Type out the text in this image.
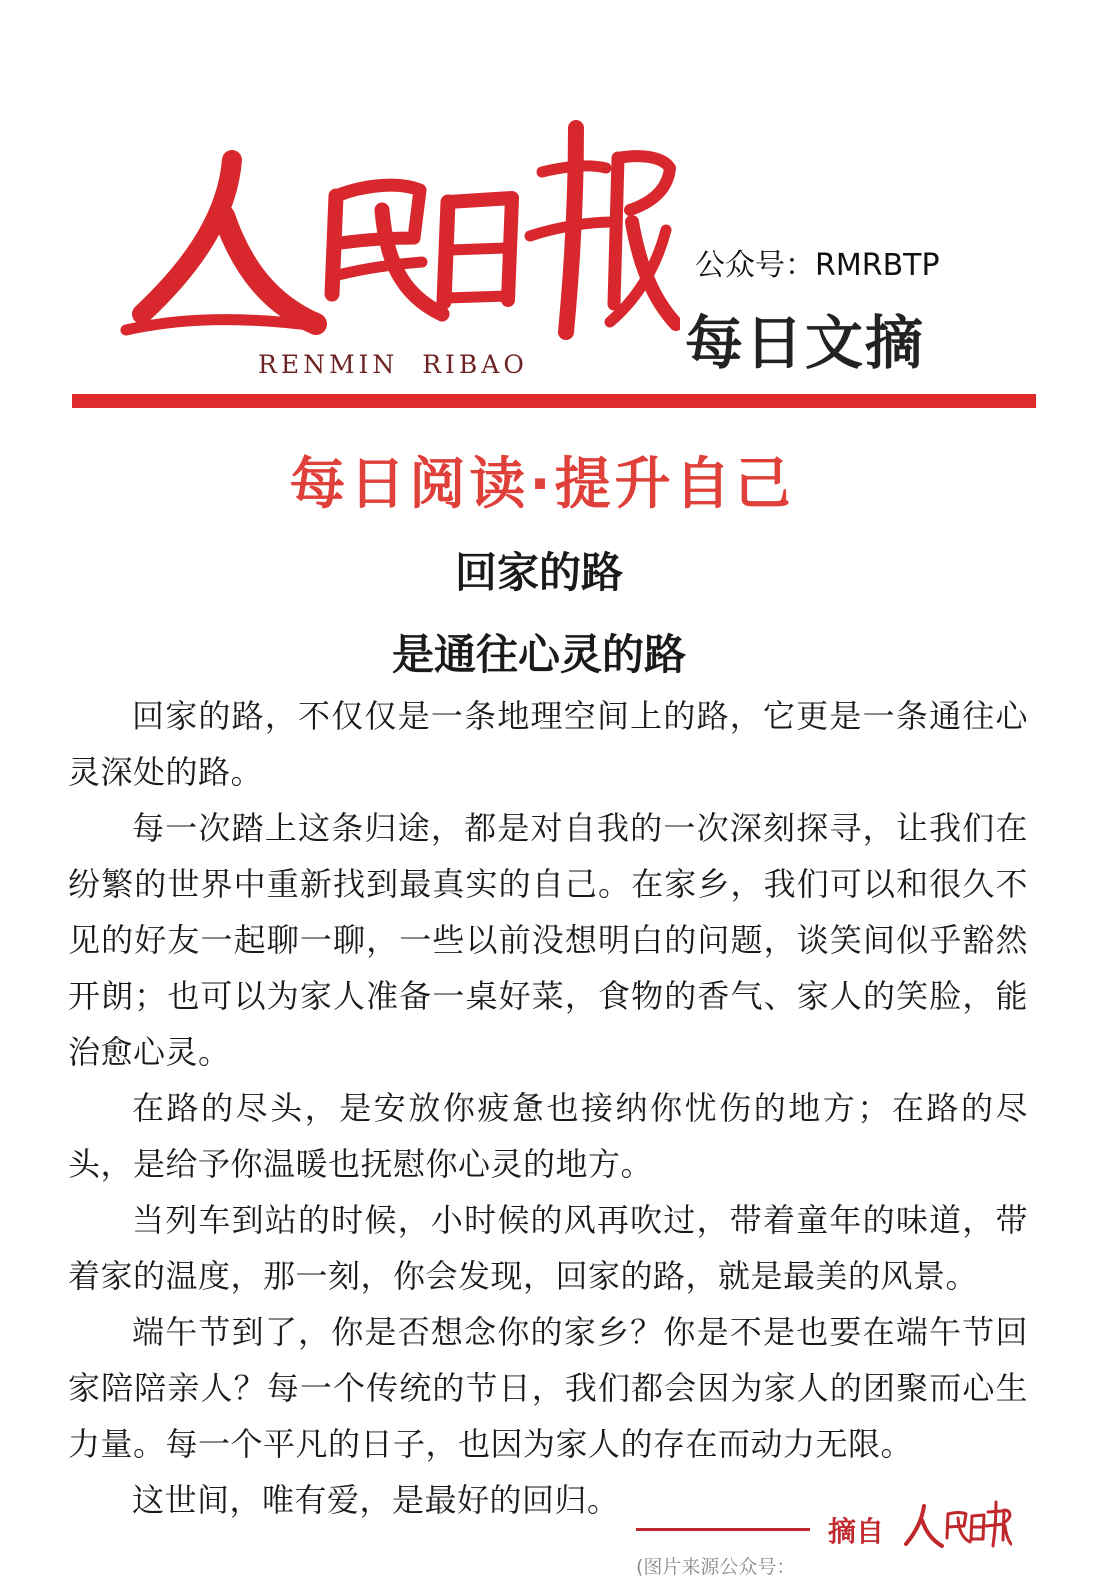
RENMIN  RIBAO
公众号：RMRBTP
每日文摘
每日阅读·提升自己
回家的路
是通往心灵的路

回家的路，不仅仅是一条地理空间上的路，它更是一条通往心灵深处的路。

每一次踏上这条归途，都是对自我的一次深刻探寻，让我们在纷繁的世界中重新找到最真实的自己。在家乡，我们可以和很久不见的好友一起聊一聊，一些以前没想明白的问题，谈笑间似乎豁然开朗；也可以为家人准备一桌好菜，食物的香气、家人的笑脸，能治愈心灵。

在路的尽头，是安放你疲惫也接纳你忧伤的地方；在路的尽头，是给予你温暖也抚慰你心灵的地方。

当列车到站的时候，小时候的风再吹过，带着童年的味道，带着家的温度，那一刻，你会发现，回家的路，就是最美的风景。

端午节到了，你是否想念你的家乡？你是不是也要在端午节回家陪陪亲人？每一个传统的节日，我们都会因为家人的团聚而心生力量。每一个平凡的日子，也因为家人的存在而动力无限。

这世间，唯有爱，是最好的回归。

摘自
(图片来源公众号：
